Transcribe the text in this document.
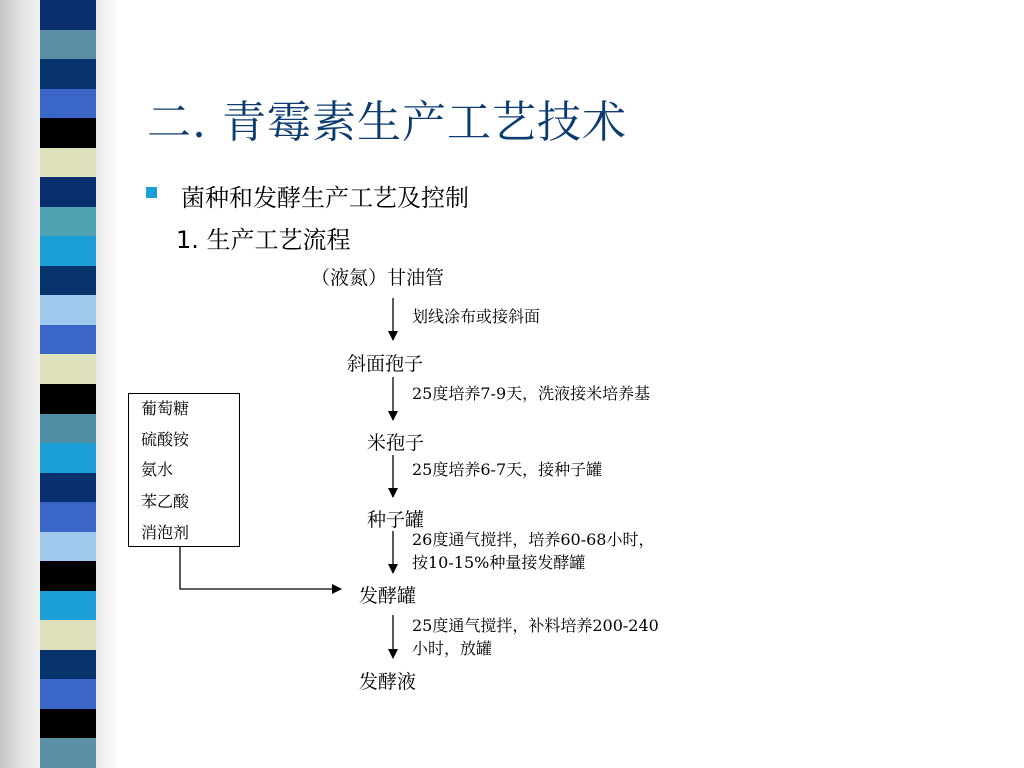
二. 青霉素生产工艺技术
菌种和发酵生产工艺及控制
1. 生产工艺流程
（液氮）甘油管
斜面孢子
米孢子
种子罐
发酵罐
发酵液
划线涂布或接斜面
25度培养7-9天，洗液接米培养基
25度培养6-7天，接种子罐
26度通气搅拌，培养60-68小时，
按10-15%种量接发酵罐
25度通气搅拌，补料培养200-240
小时，放罐
葡萄糖
硫酸铵
氨水
苯乙酸
消泡剂
